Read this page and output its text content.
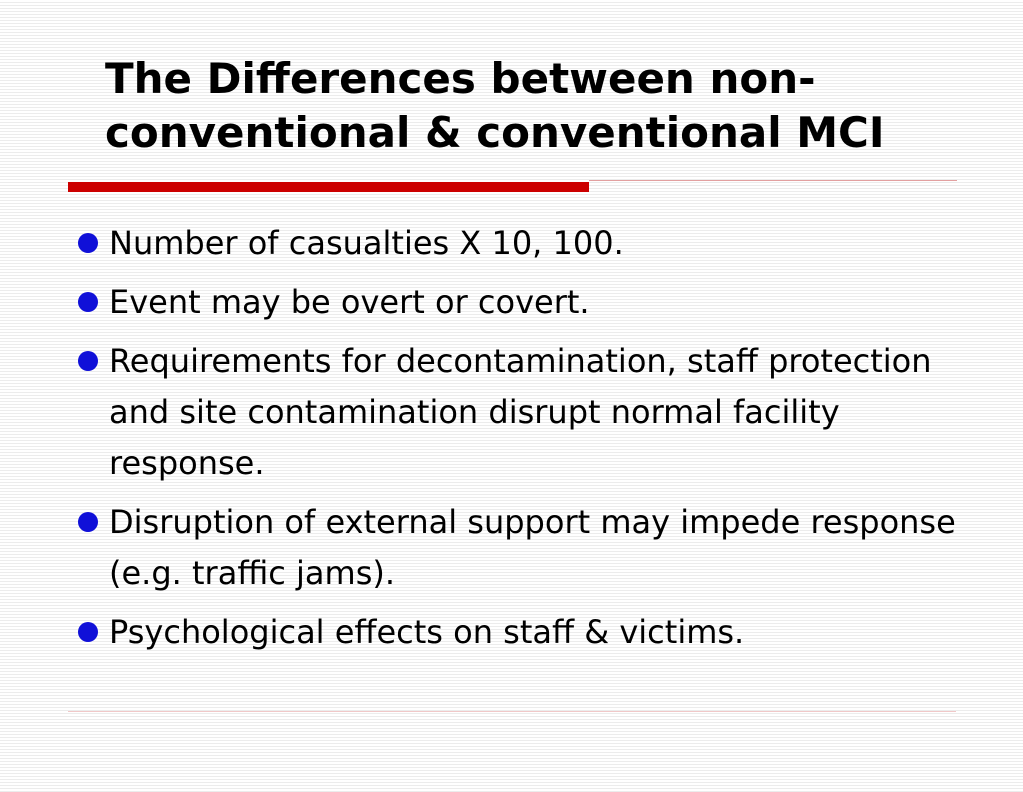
The Differences between non-
conventional & conventional MCI
Number of casualties X 10, 100.
Event may be overt or covert.
Requirements for decontamination, staff protection and site contamination disrupt normal facility response.
Disruption of external support may impede response (e.g. traffic jams).
Psychological effects on staff & victims.
